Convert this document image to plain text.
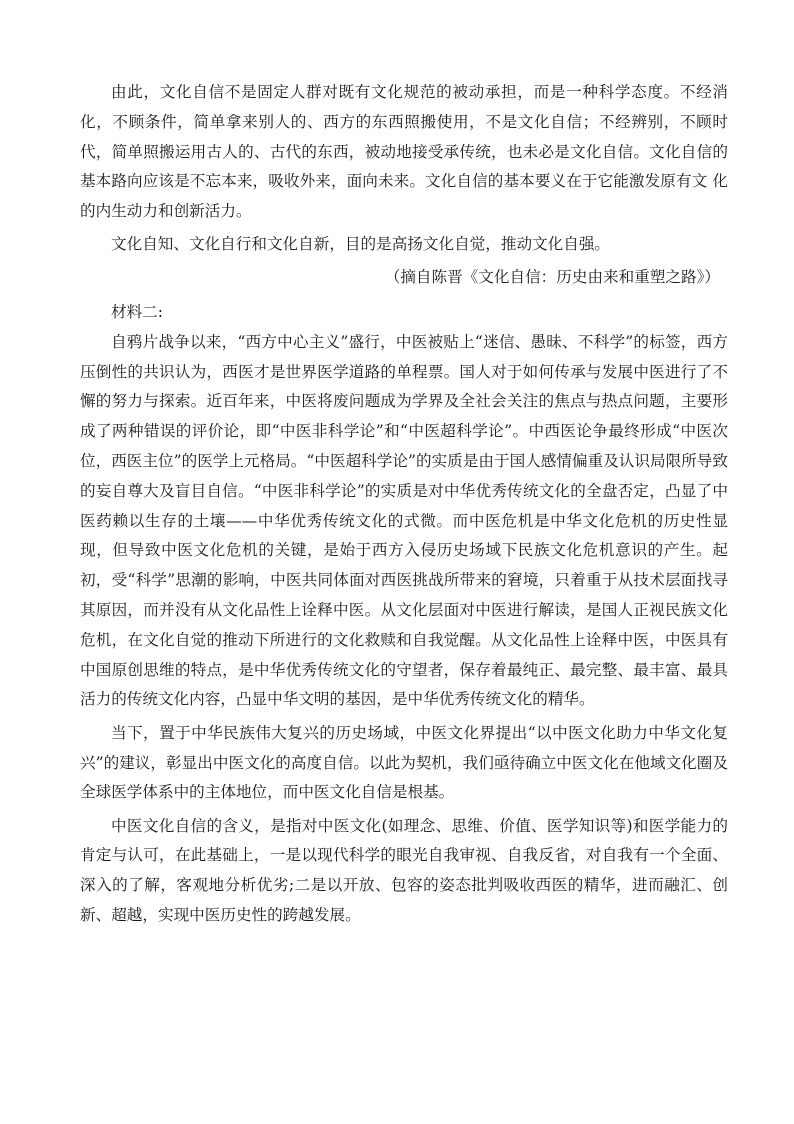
由此，文化自信不是固定人群对既有文化规范的被动承担，而是一种科学态度。不经消化，不顾条件，简单拿来别人的、西方的东西照搬使用，不是文化自信；不经辨别，不顾时代，简单照搬运用古人的、古代的东西，被动地接受承传统，也未必是文化自信。文化自信的基本路向应该是不忘本来，吸收外来，面向未来。文化自信的基本要义在于它能激发原有文 化的内生动力和创新活力。

文化自知、文化自行和文化自新，目的是高扬文化自觉，推动文化自强。

（摘自陈晋《文化自信：历史由来和重塑之路》）

材料二:

自鸦片战争以来，“西方中心主义”盛行，中医被贴上“迷信、愚昧、不科学”的标签，西方压倒性的共识认为，西医才是世界医学道路的单程票。国人对于如何传承与发展中医进行了不懈的努力与探索。近百年来，中医将废问题成为学界及全社会关注的焦点与热点问题，主要形成了两种错误的评价论，即“中医非科学论”和“中医超科学论”。中西医论争最终形成“中医次位，西医主位”的医学上元格局。“中医超科学论”的实质是由于国人感情偏重及认识局限所导致的妄自尊大及盲目自信。“中医非科学论”的实质是对中华优秀传统文化的全盘否定，凸显了中医药赖以生存的土壤——中华优秀传统文化的式微。而中医危机是中华文化危机的历史性显现，但导致中医文化危机的关键，是始于西方入侵历史场域下民族文化危机意识的产生。起初，受“科学”思潮的影响，中医共同体面对西医挑战所带来的窘境，只着重于从技术层面找寻其原因，而并没有从文化品性上诠释中医。从文化层面对中医进行解读，是国人正视民族文化危机，在文化自觉的推动下所进行的文化救赎和自我觉醒。从文化品性上诠释中医，中医具有中国原创思维的特点，是中华优秀传统文化的守望者，保存着最纯正、最完整、最丰富、最具活力的传统文化内容，凸显中华文明的基因，是中华优秀传统文化的精华。

当下，置于中华民族伟大复兴的历史场域，中医文化界提出“以中医文化助力中华文化复兴”的建议，彰显出中医文化的高度自信。以此为契机，我们亟待确立中医文化在他域文化圈及全球医学体系中的主体地位，而中医文化自信是根基。

中医文化自信的含义，是指对中医文化(如理念、思维、价值、医学知识等)和医学能力的肯定与认可，在此基础上，一是以现代科学的眼光自我审视、自我反省，对自我有一个全面、深入的了解，客观地分析优劣;二是以开放、包容的姿态批判吸收西医的精华，进而融汇、创新、超越，实现中医历史性的跨越发展。
